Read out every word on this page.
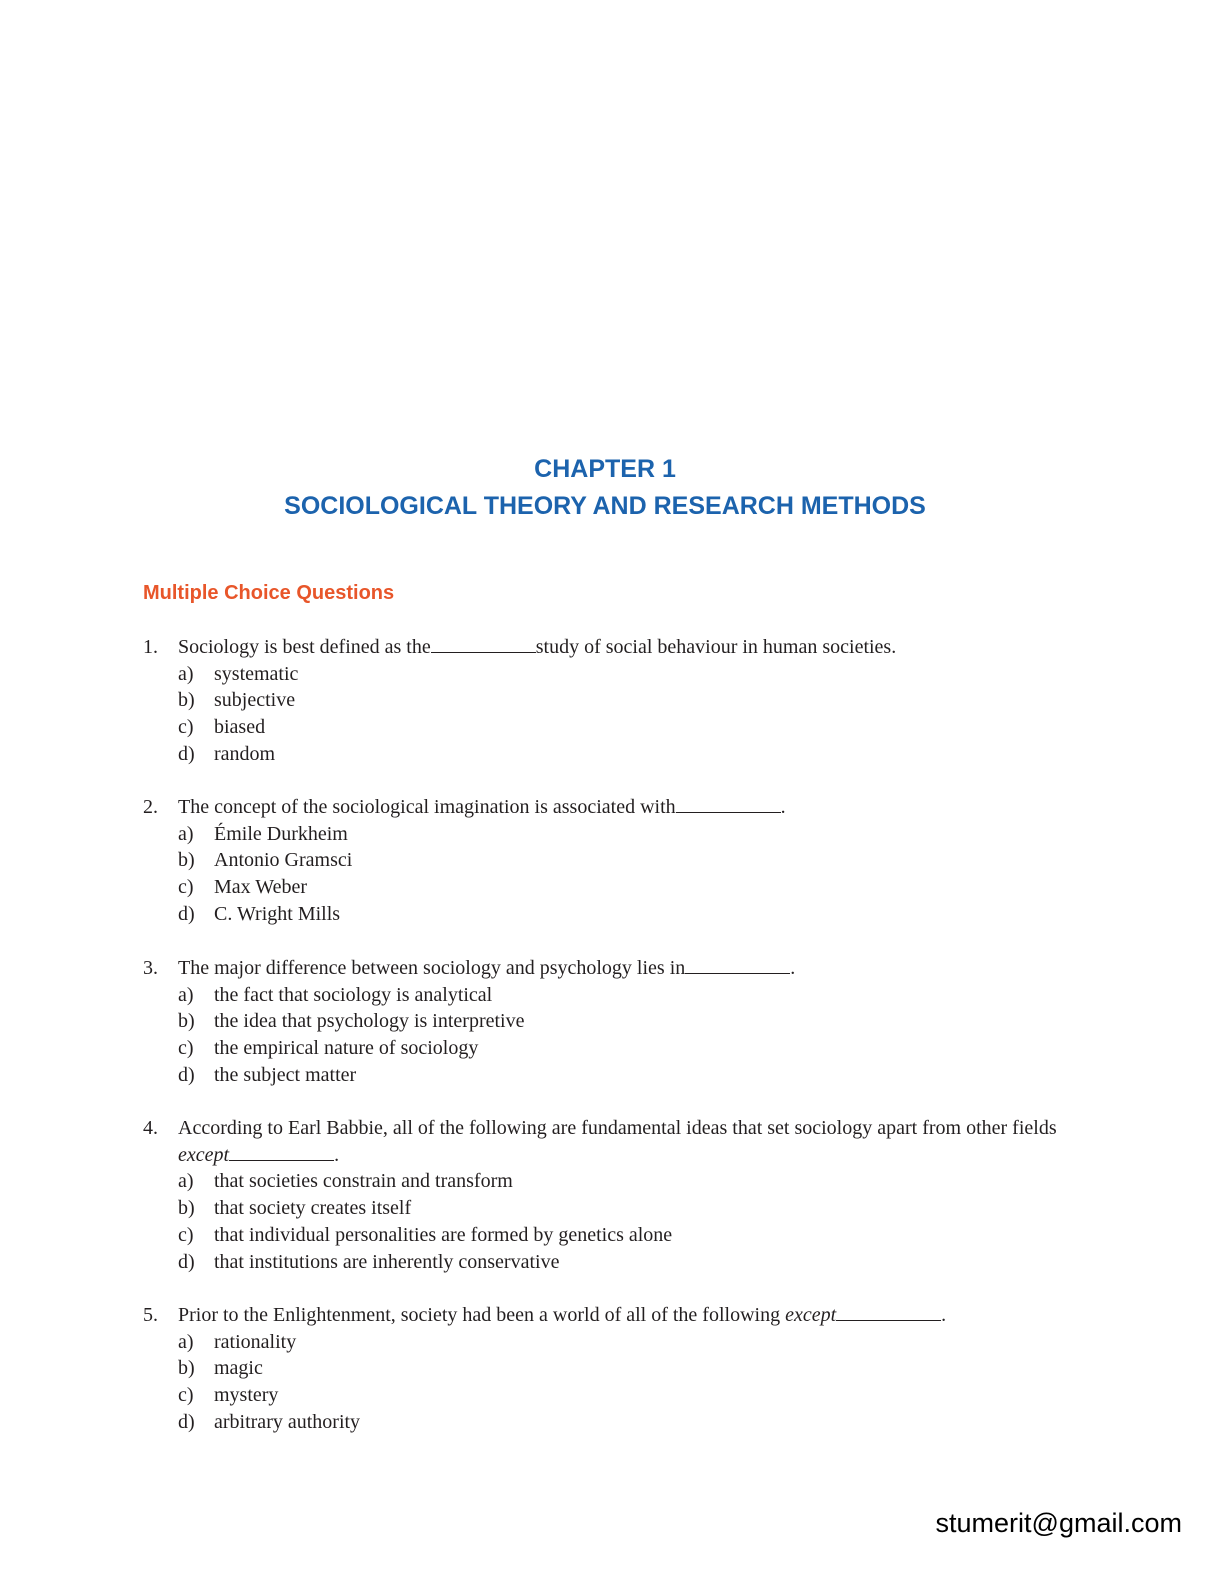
CHAPTER 1
SOCIOLOGICAL THEORY AND RESEARCH METHODS
Multiple Choice Questions
1. Sociology is best defined as the	study of social behaviour in human societies.
a) systematic
b) subjective
c) biased
d) random
2. The concept of the sociological imagination is associated with	.
a) Émile Durkheim
b) Antonio Gramsci
c) Max Weber
d) C. Wright Mills
3. The major difference between sociology and psychology lies in	.
a) the fact that sociology is analytical
b) the idea that psychology is interpretive
c) the empirical nature of sociology
d) the subject matter
4. According to Earl Babbie, all of the following are fundamental ideas that set sociology apart from other fields except	.
a) that societies constrain and transform
b) that society creates itself
c) that individual personalities are formed by genetics alone
d) that institutions are inherently conservative
5. Prior to the Enlightenment, society had been a world of all of the following except	.
a) rationality
b) magic
c) mystery
d) arbitrary authority
stumerit@gmail.com
